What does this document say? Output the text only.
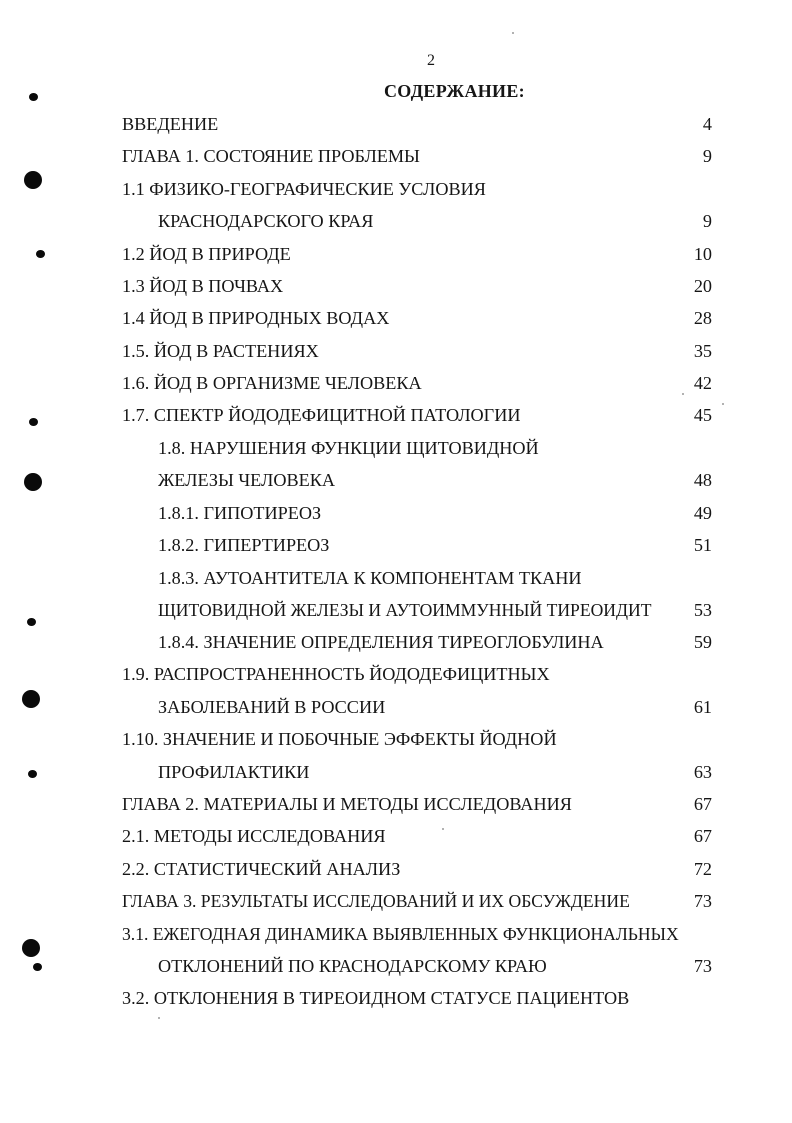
2
СОДЕРЖАНИЕ:
ВВЕДЕНИЕ	4
ГЛАВА 1. СОСТОЯНИЕ ПРОБЛЕМЫ	9
1.1 ФИЗИКО-ГЕОГРАФИЧЕСКИЕ УСЛОВИЯ
КРАСНОДАРСКОГО КРАЯ	9
1.2 ЙОД В ПРИРОДЕ	10
1.3 ЙОД В ПОЧВАХ	20
1.4 ЙОД В ПРИРОДНЫХ ВОДАХ	28
1.5. ЙОД В РАСТЕНИЯХ	35
1.6. ЙОД В ОРГАНИЗМЕ ЧЕЛОВЕКА	42
1.7. СПЕКТР ЙОДОДЕФИЦИТНОЙ ПАТОЛОГИИ	45
1.8. НАРУШЕНИЯ ФУНКЦИИ ЩИТОВИДНОЙ
ЖЕЛЕЗЫ ЧЕЛОВЕКА	48
1.8.1. ГИПОТИРЕОЗ	49
1.8.2. ГИПЕРТИРЕОЗ	51
1.8.3. АУТОАНТИТЕЛА К КОМПОНЕНТАМ ТКАНИ
ЩИТОВИДНОЙ ЖЕЛЕЗЫ И АУТОИММУННЫЙ ТИРЕОИДИТ	53
1.8.4. ЗНАЧЕНИЕ ОПРЕДЕЛЕНИЯ ТИРЕОГЛОБУЛИНА	59
1.9. РАСПРОСТРАНЕННОСТЬ ЙОДОДЕФИЦИТНЫХ
ЗАБОЛЕВАНИЙ В РОССИИ	61
1.10. ЗНАЧЕНИЕ И ПОБОЧНЫЕ ЭФФЕКТЫ ЙОДНОЙ
ПРОФИЛАКТИКИ	63
ГЛАВА 2. МАТЕРИАЛЫ И МЕТОДЫ ИССЛЕДОВАНИЯ	67
2.1. МЕТОДЫ ИССЛЕДОВАНИЯ	67
2.2. СТАТИСТИЧЕСКИЙ АНАЛИЗ	72
ГЛАВА 3. РЕЗУЛЬТАТЫ ИССЛЕДОВАНИЙ И ИХ ОБСУЖДЕНИЕ	73
3.1. ЕЖЕГОДНАЯ ДИНАМИКА ВЫЯВЛЕННЫХ ФУНКЦИОНАЛЬНЫХ
ОТКЛОНЕНИЙ ПО КРАСНОДАРСКОМУ КРАЮ	73
3.2. ОТКЛОНЕНИЯ В ТИРЕОИДНОМ СТАТУСЕ ПАЦИЕНТОВ
